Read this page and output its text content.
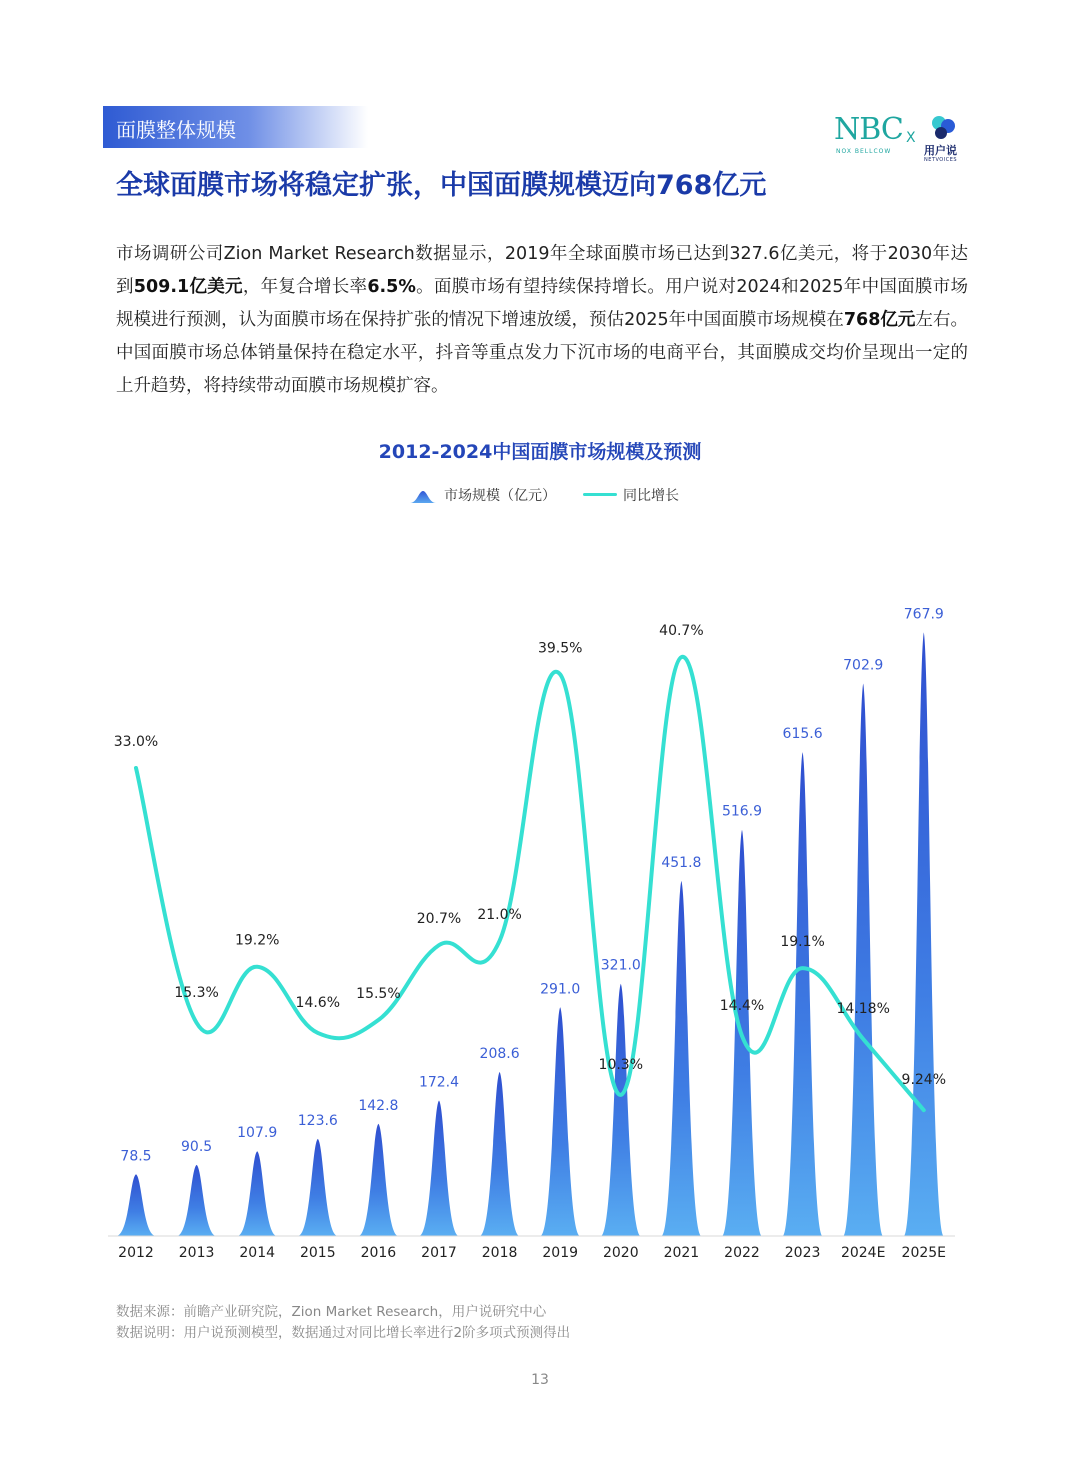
面膜整体规模	NBC
NOX BELLCOW
X
用户说
NETVOICES
全球面膜市场将稳定扩张，中国面膜规模迈向768亿元
市场调研公司Zion Market Research数据显示，2019年全球面膜市场已达到327.6亿美元，将于2030年达到509.1亿美元，年复合增长率6.5%。面膜市场有望持续保持增长。用户说对2024和2025年中国面膜市场规模进行预测，认为面膜市场在保持扩张的情况下增速放缓，预估2025年中国面膜市场规模在768亿元左右。中国面膜市场总体销量保持在稳定水平，抖音等重点发力下沉市场的电商平台，其面膜成交均价呈现出一定的上升趋势，将持续带动面膜市场规模扩容。
2012-2024中国面膜市场规模及预测
市场规模（亿元）	同比增长
78.5
90.5
107.9
123.6
142.8
172.4
208.6
291.0
321.0
451.8
516.9
615.6
702.9
767.9
33.0%
15.3%
19.2%
14.6%
15.5%
20.7% 21.0%
39.5%
10.3%
40.7%
14.4%
19.1%
14.18%
9.24%
2012 2013 2014 2015 2016 2017 2018 2019 2020 2021 2022 2023 2024E 2025E
数据来源：前瞻产业研究院，Zion Market Research，用户说研究中心
数据说明：用户说预测模型，数据通过对同比增长率进行2阶多项式预测得出
13
